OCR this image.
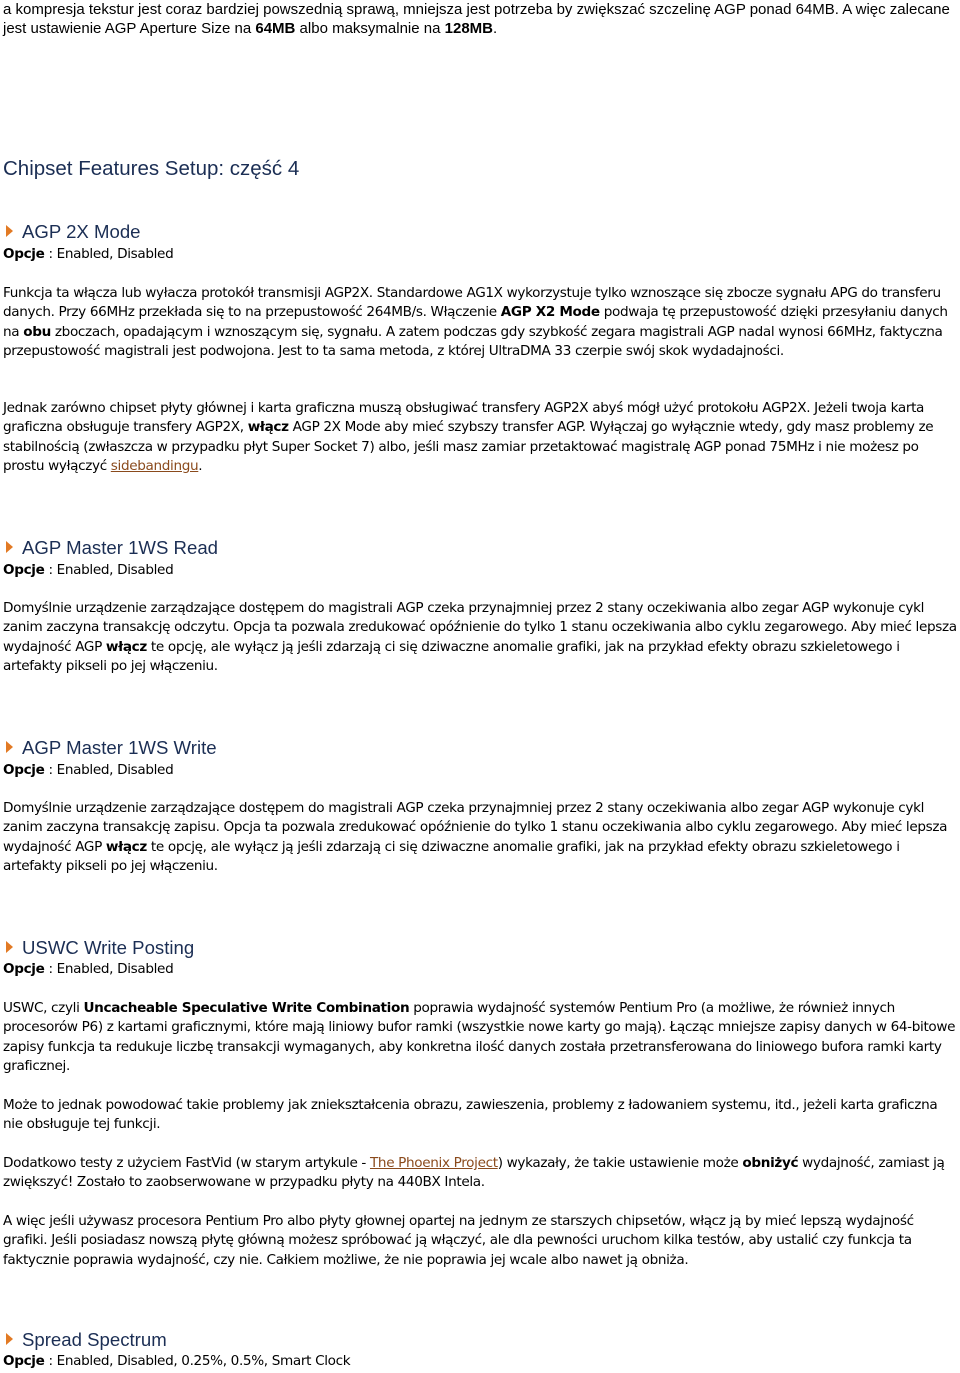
a kompresja tekstur jest coraz bardziej powszednią sprawą, mniejsza jest potrzeba by zwiększać szczelinę AGP ponad 64MB. A więc zalecane jest ustawienie AGP Aperture Size na 64MB albo maksymalnie na 128MB.

Chipset Features Setup: część 4
AGP 2X Mode

Opcje : Enabled, Disabled

Funkcja ta włącza lub wyłacza protokół transmisji AGP2X. Standardowe AG1X wykorzystuje tylko wznoszące się zbocze sygnału APG do transferu danych. Przy 66MHz przekłada się to na przepustowość 264MB/s. Włączenie AGP X2 Mode podwaja tę przepustowość dzięki przesyłaniu danych na obu zboczach, opadającym i wznoszącym się, sygnału. A zatem podczas gdy szybkość zegara magistrali AGP nadal wynosi 66MHz, faktyczna przepustowość magistrali jest podwojona. Jest to ta sama metoda, z której UltraDMA 33 czerpie swój skok wydadajności.

Jednak zarówno chipset płyty głównej i karta graficzna muszą obsługiwać transfery AGP2X abyś mógł użyć protokołu AGP2X. Jeżeli twoja karta graficzna obsługuje transfery AGP2X, włącz AGP 2X Mode aby mieć szybszy transfer AGP. Wyłączaj go wyłącznie wtedy, gdy masz problemy ze stabilnością (zwłaszcza w przypadku płyt Super Socket 7) albo, jeśli masz zamiar przetaktować magistralę AGP ponad 75MHz i nie możesz po prostu wyłączyć sidebandingu.

AGP Master 1WS Read

Opcje : Enabled, Disabled

Domyślnie urządzenie zarządzające dostępem do magistrali AGP czeka przynajmniej przez 2 stany oczekiwania albo zegar AGP wykonuje cykl zanim zaczyna transakcję odczytu. Opcja ta pozwala zredukować opóźnienie do tylko 1 stanu oczekiwania albo cyklu zegarowego. Aby mieć lepsza wydajność AGP włącz te opcję, ale wyłącz ją jeśli zdarzają ci się dziwaczne anomalie grafiki, jak na przykład efekty obrazu szkieletowego i artefakty pikseli po jej włączeniu.

AGP Master 1WS Write

Opcje : Enabled, Disabled

Domyślnie urządzenie zarządzające dostępem do magistrali AGP czeka przynajmniej przez 2 stany oczekiwania albo zegar AGP wykonuje cykl zanim zaczyna transakcję zapisu. Opcja ta pozwala zredukować opóźnienie do tylko 1 stanu oczekiwania albo cyklu zegarowego. Aby mieć lepsza wydajność AGP włącz te opcję, ale wyłącz ją jeśli zdarzają ci się dziwaczne anomalie grafiki, jak na przykład efekty obrazu szkieletowego i artefakty pikseli po jej włączeniu.

USWC Write Posting

Opcje : Enabled, Disabled

USWC, czyli Uncacheable Speculative Write Combination poprawia wydajność systemów Pentium Pro (a możliwe, że również innych procesorów P6) z kartami graficznymi, które mają liniowy bufor ramki (wszystkie nowe karty go mają). Łącząc mniejsze zapisy danych w 64-bitowe zapisy funkcja ta redukuje liczbę transakcji wymaganych, aby konkretna ilość danych została przetransferowana do liniowego bufora ramki karty graficznej.

Może to jednak powodować takie problemy jak zniekształcenia obrazu, zawieszenia, problemy z ładowaniem systemu, itd., jeżeli karta graficzna nie obsługuje tej funkcji.

Dodatkowo testy z użyciem FastVid (w starym artykule - The Phoenix Project) wykazały, że takie ustawienie może obniżyć wydajność, zamiast ją zwiększyć! Zostało to zaobserwowane w przypadku płyty na 440BX Intela.

A więc jeśli używasz procesora Pentium Pro albo płyty głownej opartej na jednym ze starszych chipsetów, włącz ją by mieć lepszą wydajność grafiki. Jeśli posiadasz nowszą płytę główną możesz spróbować ją włączyć, ale dla pewności uruchom kilka testów, aby ustalić czy funkcja ta faktycznie poprawia wydajność, czy nie. Całkiem możliwe, że nie poprawia jej wcale albo nawet ją obniża.

Spread Spectrum

Opcje : Enabled, Disabled, 0.25%, 0.5%, Smart Clock
